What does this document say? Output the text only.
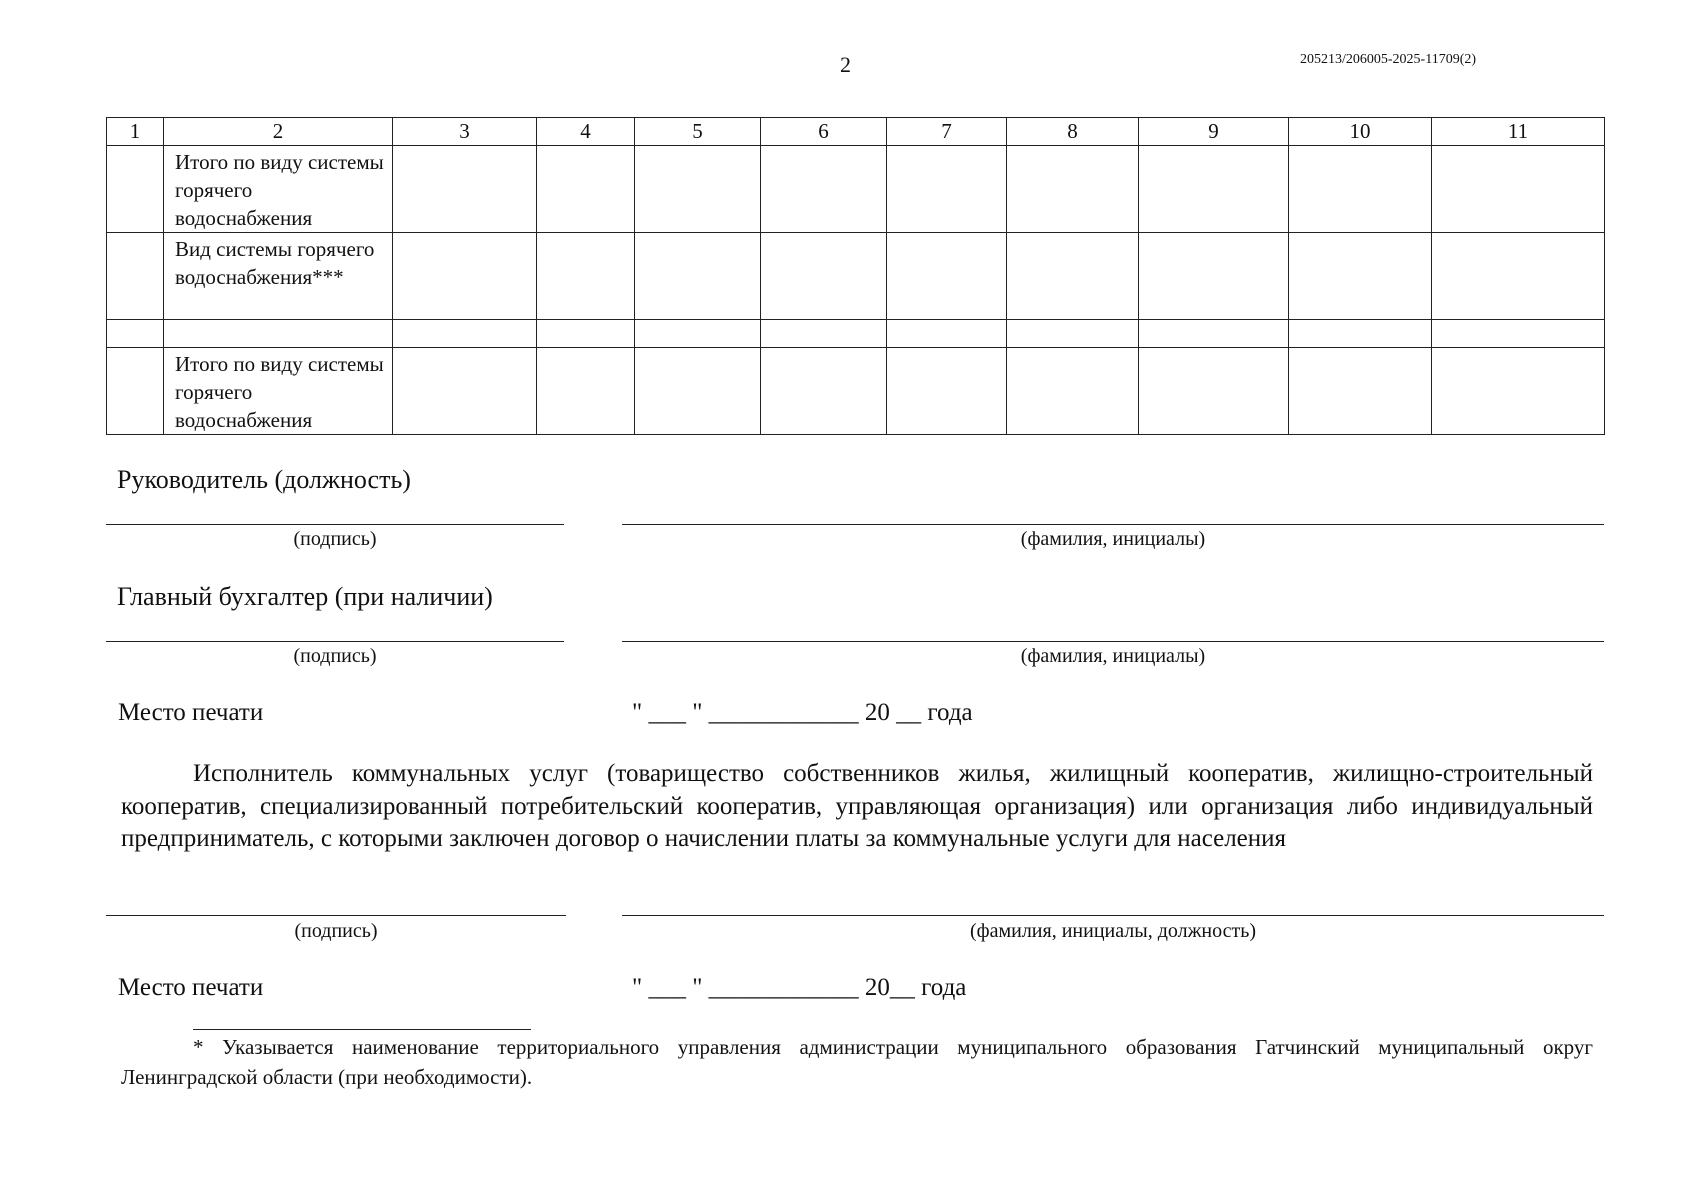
2	205213/206005-2025-11709(2)
1	2	3	4	5	6	7	8	9	10	11
	Итого по виду системы горячего водоснабжения									
	Вид системы горячего водоснабжения***									

	Итого по виду системы горячего водоснабжения									
Руководитель (должность)
(подпись)	(фамилия, инициалы)
Главный бухгалтер (при наличии)
(подпись)	(фамилия, инициалы)
Место печати	" ___ " ____________ 20 __ года
Исполнитель коммунальных услуг (товарищество собственников жилья, жилищный кооператив, жилищно-строительный кооператив, специализированный потребительский кооператив, управляющая организация) или организация либо индивидуальный предприниматель, с которыми заключен договор о начислении платы за коммунальные услуги для населения
(подпись)	(фамилия, инициалы, должность)
Место печати	" ___ " ____________ 20__ года
* Указывается наименование территориального управления администрации муниципального образования Гатчинский муниципальный округ Ленинградской области (при необходимости).
